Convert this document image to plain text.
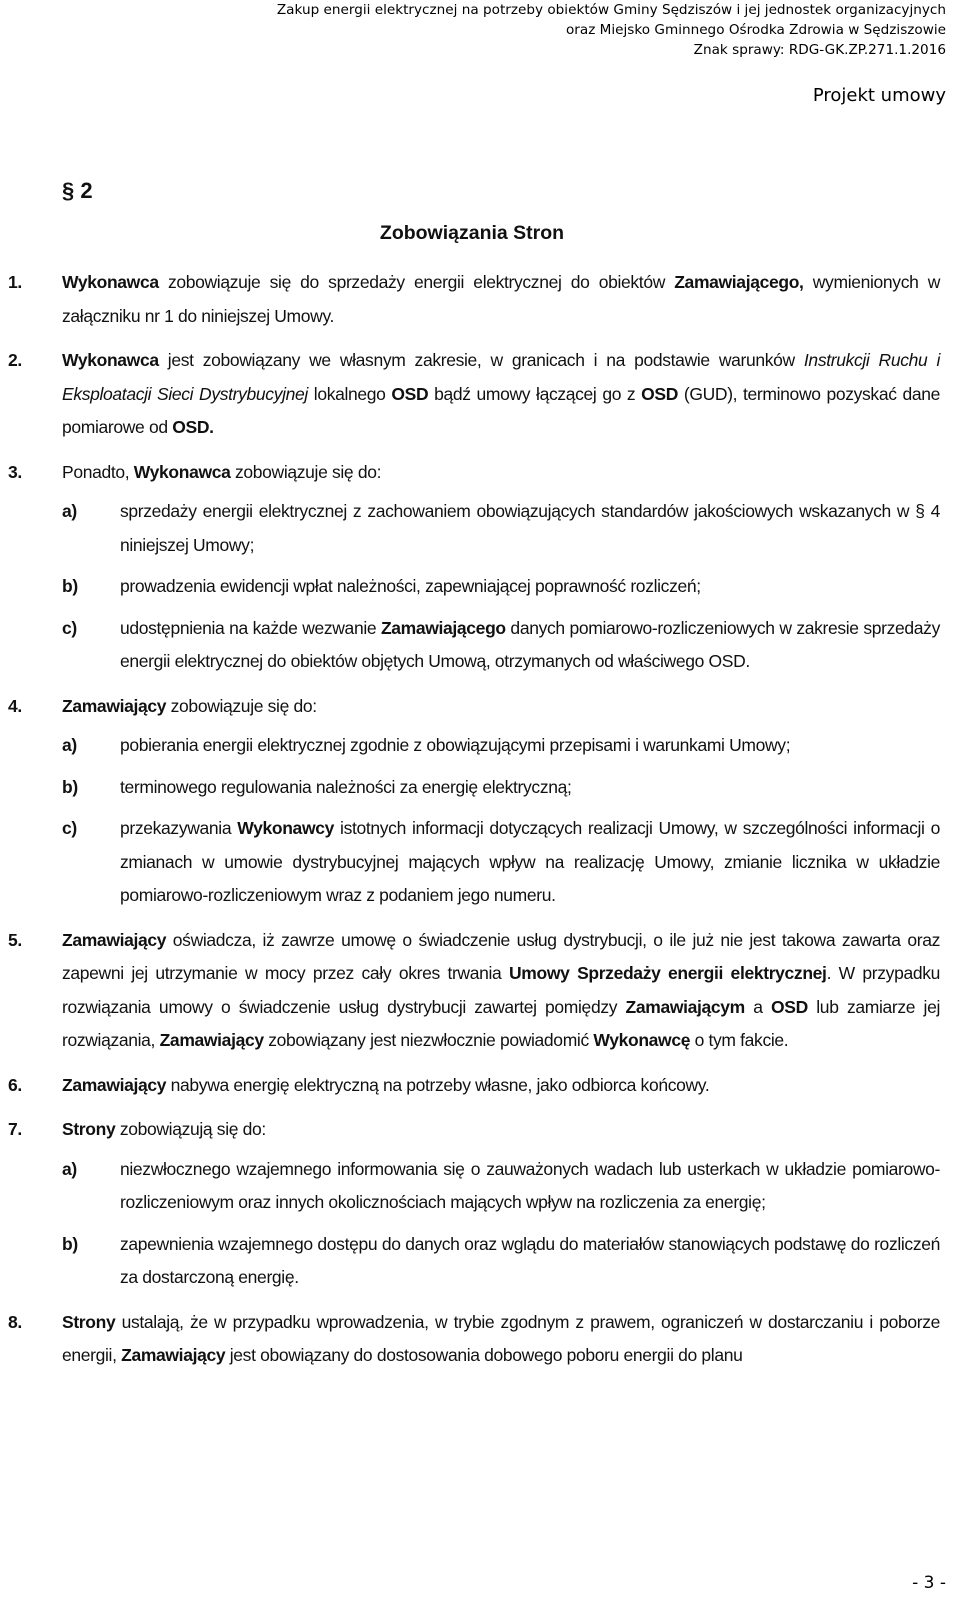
Zakup energii elektrycznej na potrzeby obiektów Gminy Sędziszów i jej jednostek organizacyjnych
oraz Miejsko Gminnego Ośrodka Zdrowia w Sędziszowie
Znak sprawy: RDG-GK.ZP.271.1.2016
Projekt umowy
§ 2
Zobowiązania Stron
1. Wykonawca zobowiązuje się do sprzedaży energii elektrycznej do obiektów Zamawiającego, wymienionych w załączniku nr 1 do niniejszej Umowy.
2. Wykonawca jest zobowiązany we własnym zakresie, w granicach i na podstawie warunków Instrukcji Ruchu i Eksploatacji Sieci Dystrybucyjnej lokalnego OSD bądź umowy łączącej go z OSD (GUD), terminowo pozyskać dane pomiarowe od OSD.
3. Ponadto, Wykonawca zobowiązuje się do:
a) sprzedaży energii elektrycznej z zachowaniem obowiązujących standardów jakościowych wskazanych w § 4 niniejszej Umowy;
b) prowadzenia ewidencji wpłat należności, zapewniającej poprawność rozliczeń;
c) udostępnienia na każde wezwanie Zamawiającego danych pomiarowo-rozliczeniowych w zakresie sprzedaży energii elektrycznej do obiektów objętych Umową, otrzymanych od właściwego OSD.
4. Zamawiający zobowiązuje się do:
a) pobierania energii elektrycznej zgodnie z obowiązującymi przepisami i warunkami Umowy;
b) terminowego regulowania należności za energię elektryczną;
c) przekazywania Wykonawcy istotnych informacji dotyczących realizacji Umowy, w szczególności informacji o zmianach w umowie dystrybucyjnej mających wpływ na realizację Umowy, zmianie licznika w układzie pomiarowo-rozliczeniowym wraz z podaniem jego numeru.
5. Zamawiający oświadcza, iż zawrze umowę o świadczenie usług dystrybucji, o ile już nie jest takowa zawarta oraz zapewni jej utrzymanie w mocy przez cały okres trwania Umowy Sprzedaży energii elektrycznej. W przypadku rozwiązania umowy o świadczenie usług dystrybucji zawartej pomiędzy Zamawiającym a OSD lub zamiarze jej rozwiązania, Zamawiający zobowiązany jest niezwłocznie powiadomić Wykonawcę o tym fakcie.
6. Zamawiający nabywa energię elektryczną na potrzeby własne, jako odbiorca końcowy.
7. Strony zobowiązują się do:
a) niezwłocznego wzajemnego informowania się o zauważonych wadach lub usterkach w układzie pomiarowo-rozliczeniowym oraz innych okolicznościach mających wpływ na rozliczenia za energię;
b) zapewnienia wzajemnego dostępu do danych oraz wglądu do materiałów stanowiących podstawę do rozliczeń za dostarczoną energię.
8. Strony ustalają, że w przypadku wprowadzenia, w trybie zgodnym z prawem, ograniczeń w dostarczaniu i poborze energii, Zamawiający jest obowiązany do dostosowania dobowego poboru energii do planu
- 3 -
